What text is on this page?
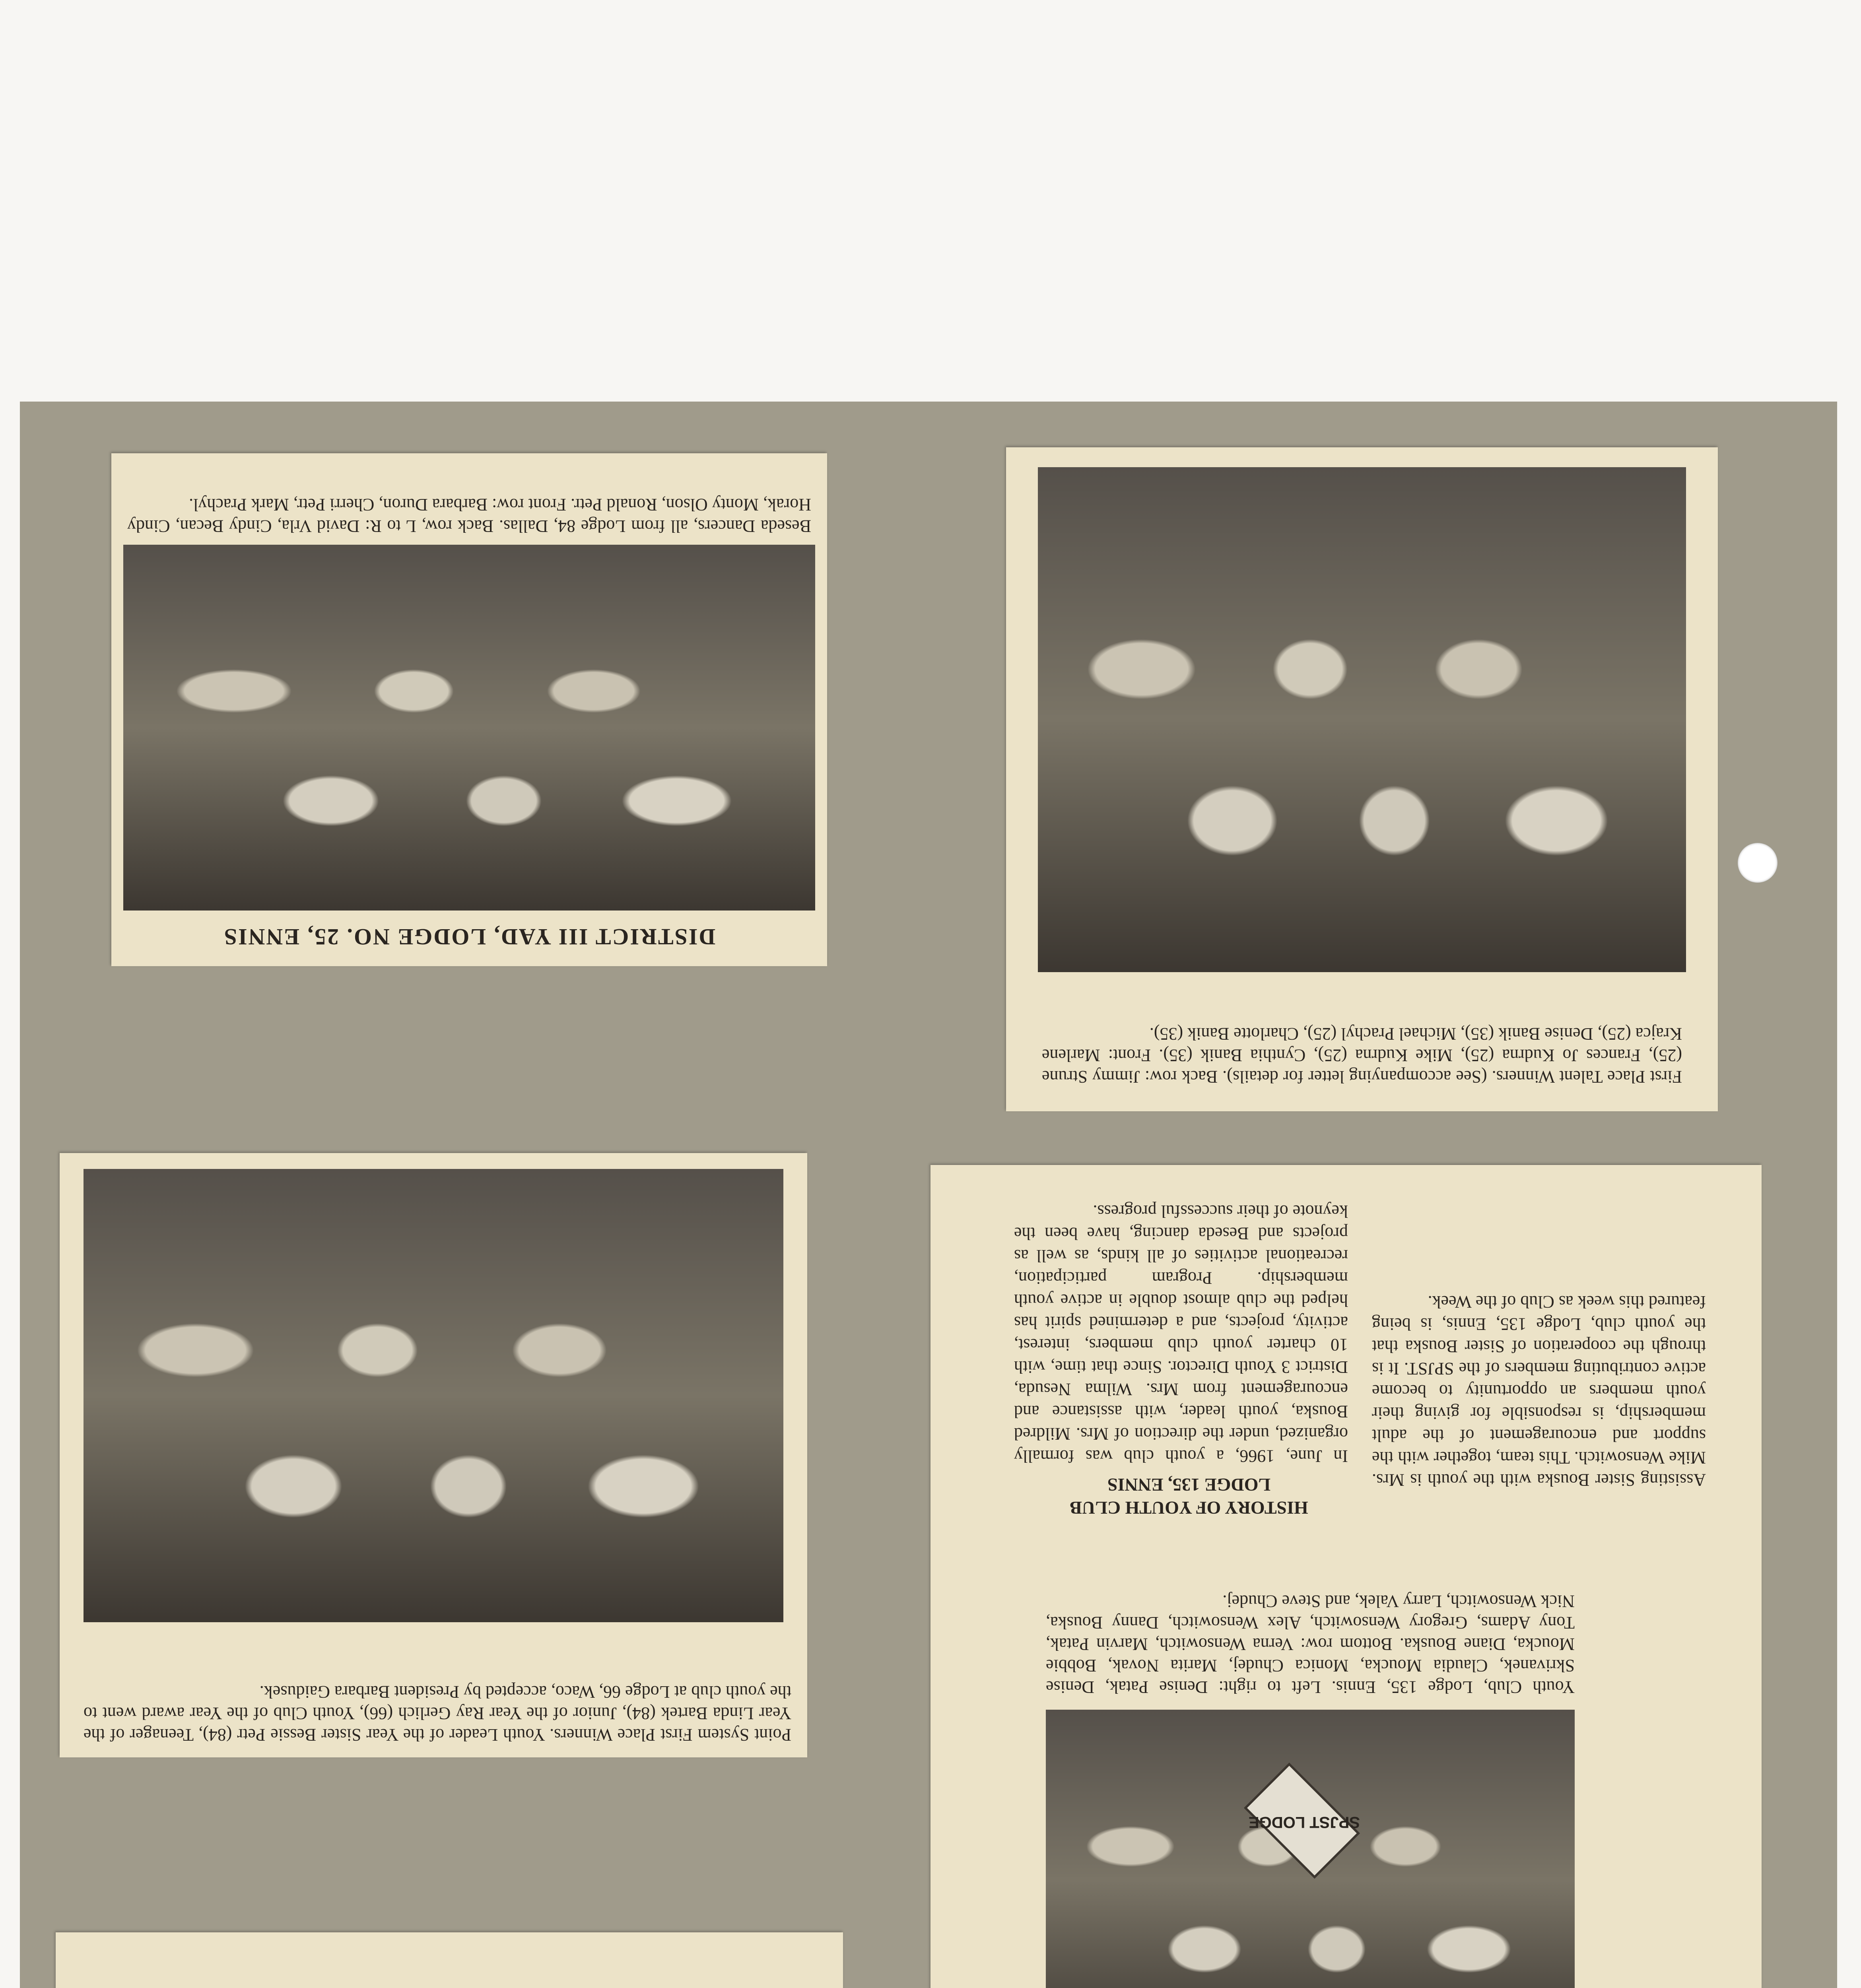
First Place Talent Winners. (See accompanying letter for details). Back row: Jimmy Strune (25), Frances Jo Kudrna (25), Mike Kudrna (25), Cynthia Banik (35). Front: Marlene Krajca (25), Denise Banik (35), Michael Prachyl (25), Charlotte Banik (35).
DISTRICT III YAD, LODGE NO. 25, ENNIS
Beseda Dancers, all from Lodge 84, Dallas. Back row, L to R: David Vrla, Cindy Becan, Cindy Horak, Monty Olson, Ronald Petr. Front row: Barbara Duron, Cherri Petr, Mark Prachyl.
SPJST LODGE
Youth Club, Lodge 135, Ennis. Left to right: Denise Patak, Denise Skrivanek, Claudia Moucka, Monica Chudej, Marita Novak, Bobbie Moucka, Diane Bouska. Bottom row: Verna Wensowitch, Marvin Patak, Tony Adams, Gregory Wensowitch, Alex Wensowitch, Danny Bouska, Nick Wensowitch, Larry Valek, and Steve Chudej.
HISTORY OF YOUTH CLUB
LODGE 135, ENNIS
In June, 1966, a youth club was formally organized, under the direction of Mrs. Mildred Bouska, youth leader, with assistance and encouragement from Mrs. Wilma Nesuda, District 3 Youth Director. Since that time, with 10 charter youth club members, interest, activity, projects, and a determined spirit has helped the club almost double in active youth membership. Program participation, recreational activities of all kinds, as well as projects and Beseda dancing, have been the keynote of their successful progress.
Assisting Sister Bouska with the youth is Mrs. Mike Wensowitch. This team, together with the support and encouragement of the adult membership, is responsible for giving their youth members an opportunity to become active contributing members of the SPJST. It is through the cooperation of Sister Bouska that the youth club, Lodge 135, Ennis, is being featured this week as Club of the Week.
Point System First Place Winners. Youth Leader of the Year Sister Bessie Petr (84), Teenager of the Year Linda Bartek (84), Junior of the Year Ray Gerlich (66), Youth Club of the Year award went to the youth club at Lodge 66, Waco, accepted by President Barbara Gaidusek.
